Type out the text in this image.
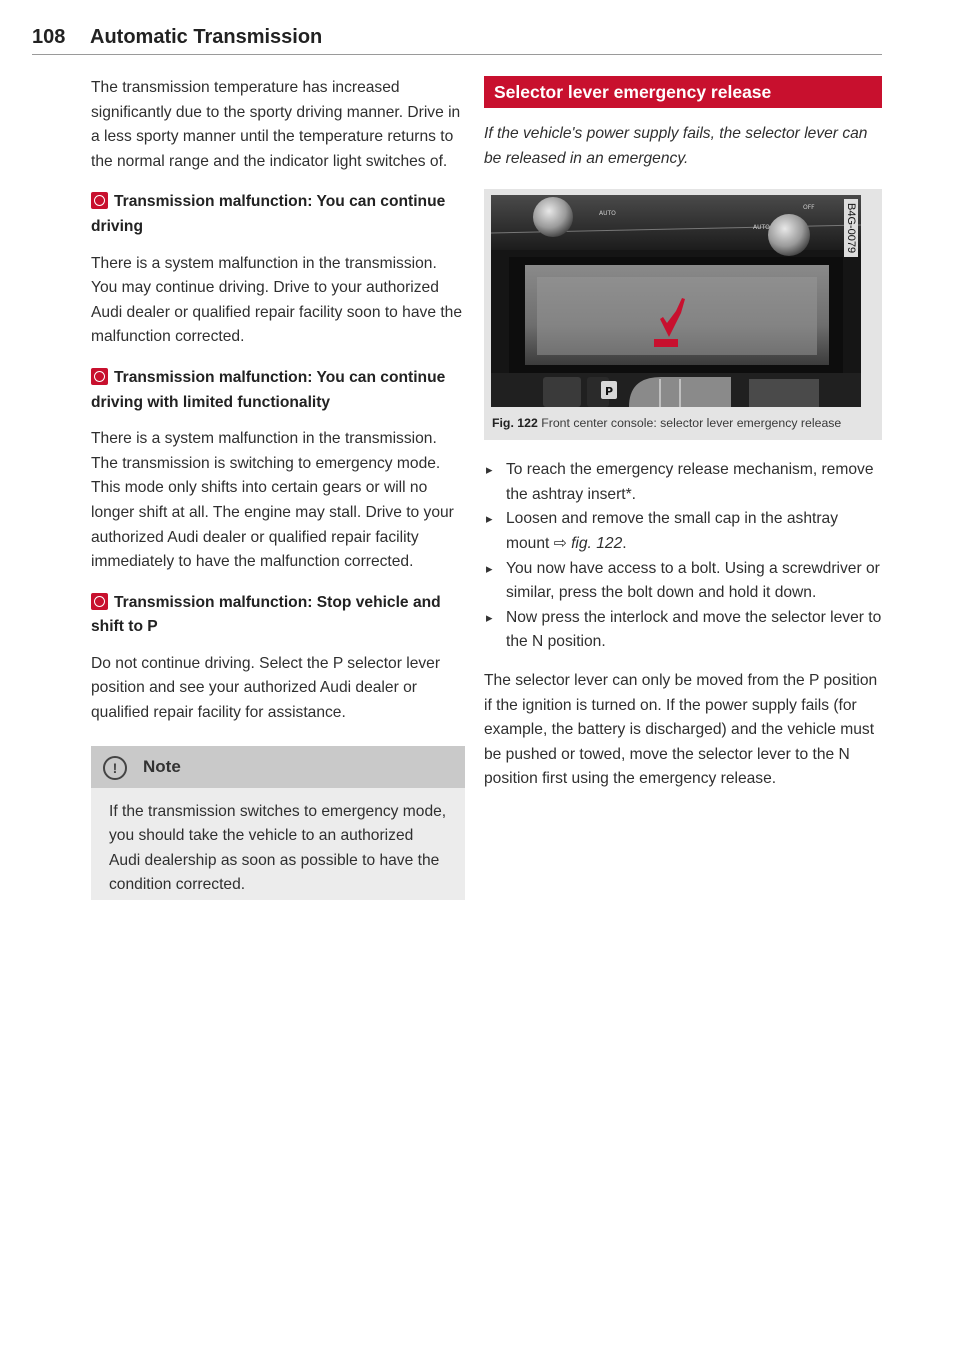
108 Automatic Transmission

The transmission temperature has increased significantly due to the sporty driving manner. Drive in a less sporty manner until the temperature returns to the normal range and the indicator light switches of.

Transmission malfunction: You can continue driving

There is a system malfunction in the transmission. You may continue driving. Drive to your authorized Audi dealer or qualified repair facility soon to have the malfunction corrected.

Transmission malfunction: You can continue driving with limited functionality

There is a system malfunction in the transmission. The transmission is switching to emergency mode. This mode only shifts into certain gears or will no longer shift at all. The engine may stall. Drive to your authorized Audi dealer or qualified repair facility immediately to have the malfunction corrected.

Transmission malfunction: Stop vehicle and shift to P

Do not continue driving. Select the P selector lever position and see your authorized Audi dealer or qualified repair facility for assistance.

!	Note
If the transmission switches to emergency mode, you should take the vehicle to an authorized Audi dealership as soon as possible to have the condition corrected.
Selector lever emergency release

If the vehicle's power supply fails, the selector lever can be released in an emergency.

AUTO
AUTO
OFF
P
B4G-0079
Fig. 122 Front center console: selector lever emergency release
▸ To reach the emergency release mechanism, remove the ashtray insert*.
▸ Loosen and remove the small cap in the ashtray mount ⇨ fig. 122.
▸ You now have access to a bolt. Using a screwdriver or similar, press the bolt down and hold it down.
▸ Now press the interlock and move the selector lever to the N position.

The selector lever can only be moved from the P position if the ignition is turned on. If the power supply fails (for example, the battery is discharged) and the vehicle must be pushed or towed, move the selector lever to the N position first using the emergency release.
